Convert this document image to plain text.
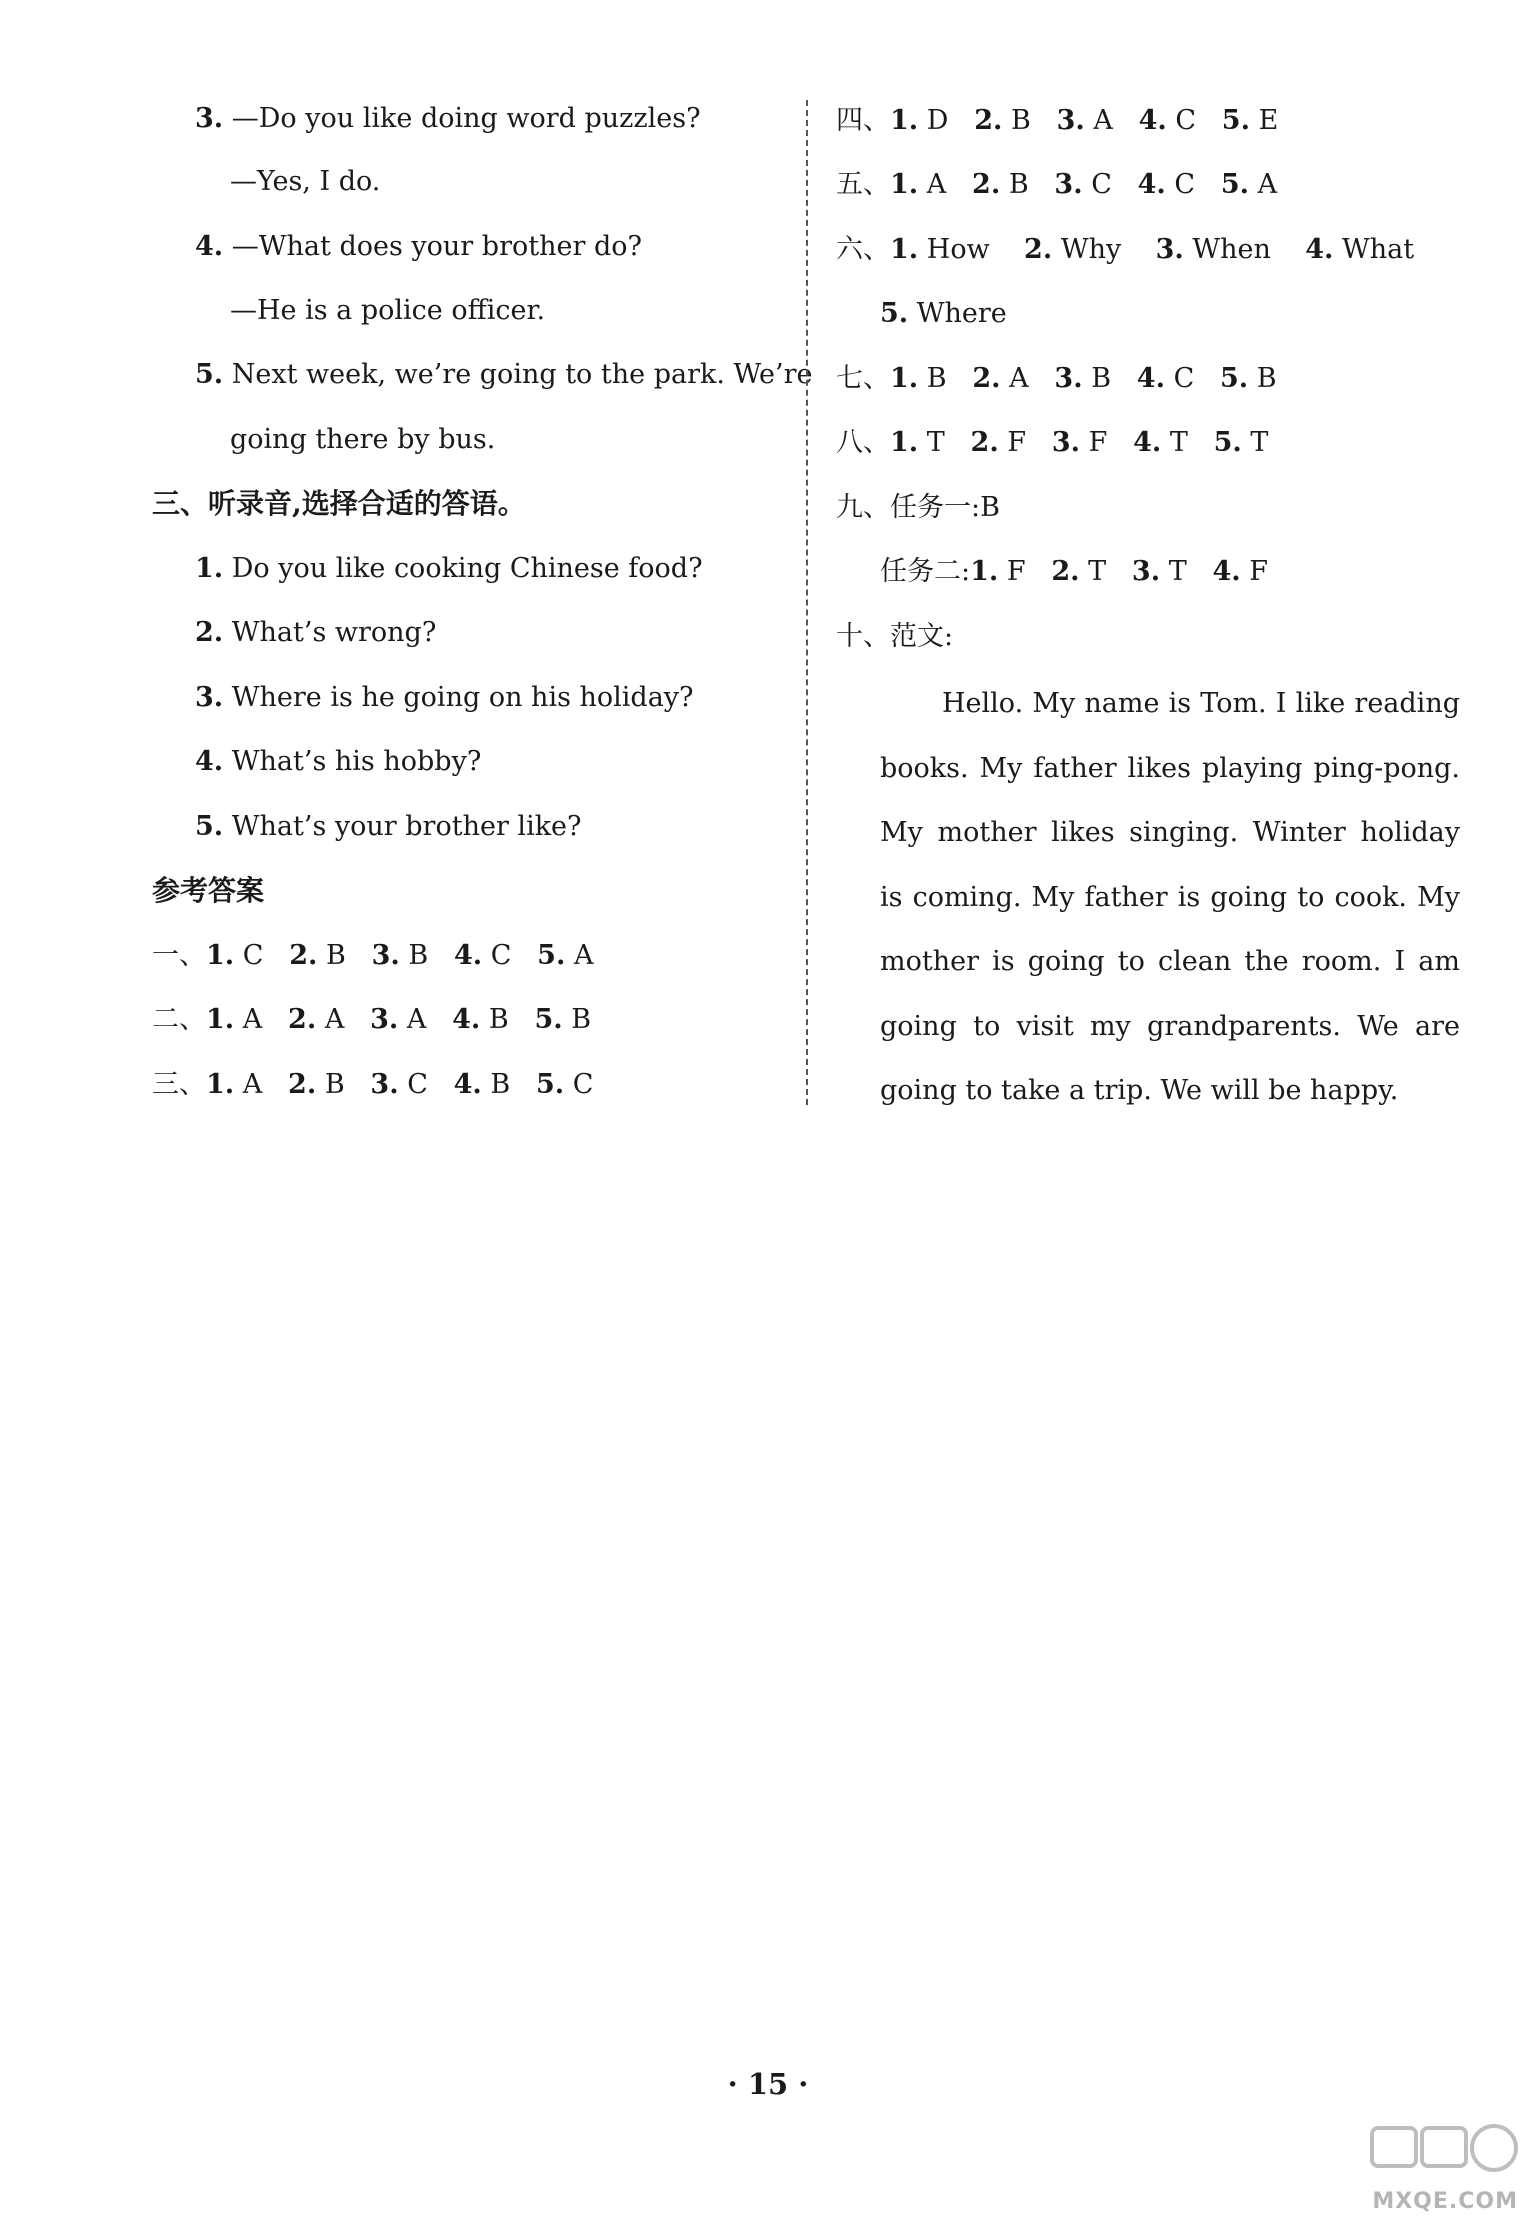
3. —Do you like doing word puzzles?
—Yes, I do.
4. —What does your brother do?
—He is a police officer.
5. Next week, we’re going to the park. We’re
going there by bus.
三、听录音,选择合适的答语。
1. Do you like cooking Chinese food?
2. What’s wrong?
3. Where is he going on his holiday?
4. What’s his hobby?
5. What’s your brother like?
参考答案
一、1. C 2. B 3. B 4. C 5. A
二、1. A 2. A 3. A 4. B 5. B
三、1. A 2. B 3. C 4. B 5. C
四、1. D 2. B 3. A 4. C 5. E
五、1. A 2. B 3. C 4. C 5. A
六、1. How 2. Why 3. When 4. What
5. Where
七、1. B 2. A 3. B 4. C 5. B
八、1. T 2. F 3. F 4. T 5. T
九、任务一:B
任务二:1. F 2. T 3. T 4. F
十、范文:
Hello. My name is Tom. I like reading books. My father likes playing ping-pong. My mother likes singing. Winter holiday is coming. My father is going to cook. My mother is going to clean the room. I am going to visit my grandparents. We are going to take a trip. We will be happy.
· 15 ·
MXQE.COM
